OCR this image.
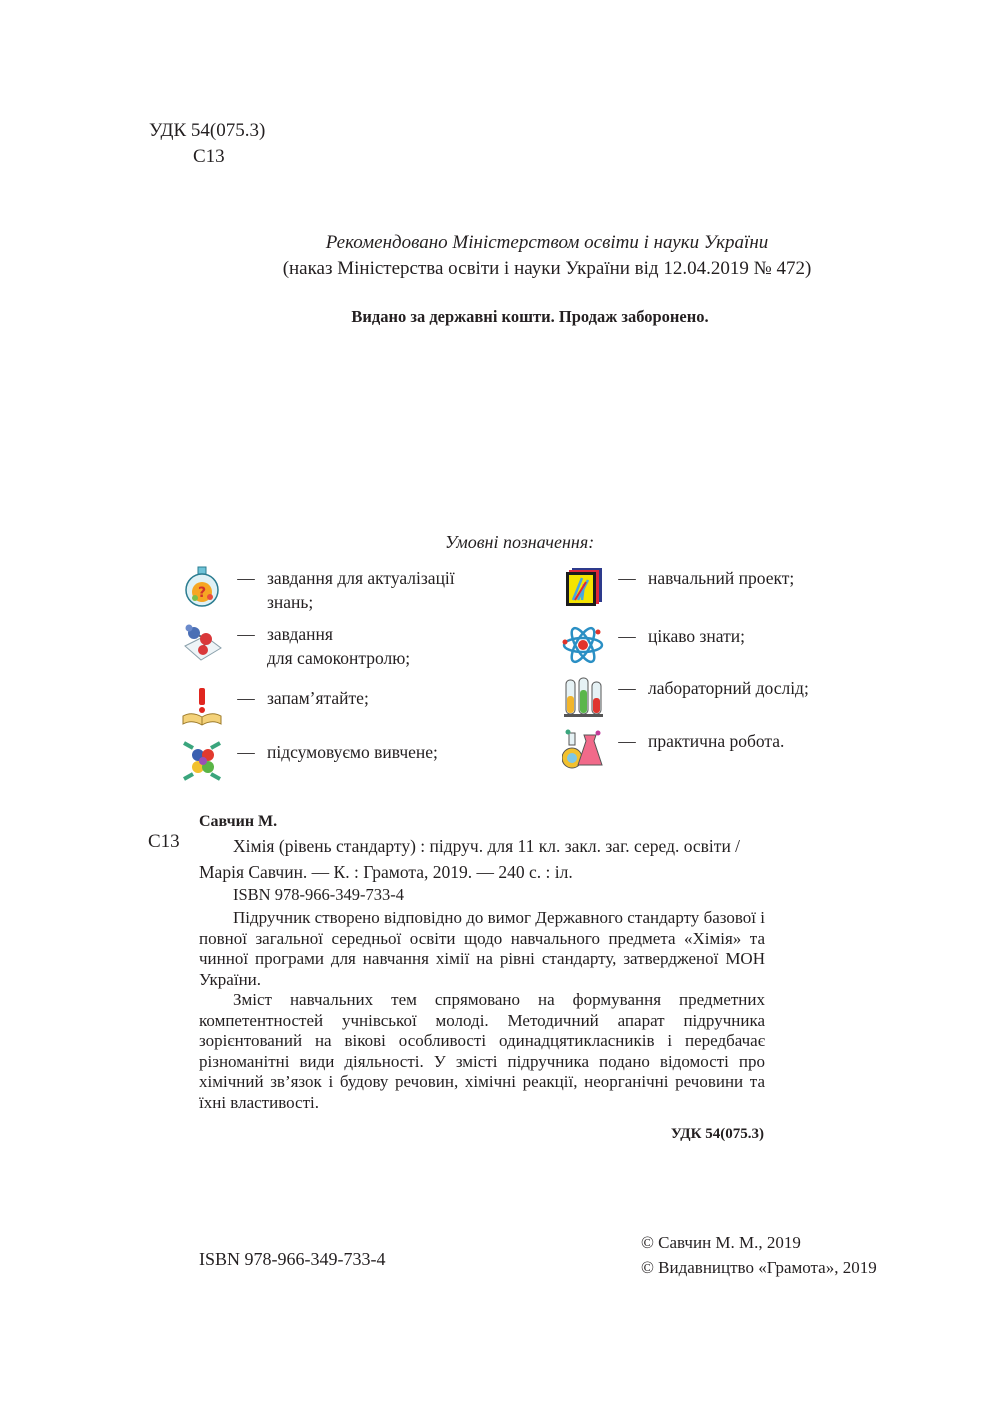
УДК 54(075.3)
С13
Рекомендовано Міністерством освіти і науки України
(наказ Міністерства освіти і науки України від 12.04.2019 № 472)
Видано за державні кошти. Продаж заборонено.
Умовні позначення:
?
— завдання для актуалізації
знань;
— завдання
для самоконтролю;
— запам’ятайте;
— підсумовуємо вивчене;
— навчальний проект;
— цікаво знати;
— лабораторний дослід;
— практична робота.
С13
Савчин М.
Хімія (рівень стандарту) : підруч. для 11 кл. закл. заг. серед. освіти / Марія Савчин. — К. : Грамота, 2019. — 240 с. : іл.
ISBN 978-966-349-733-4

Підручник створено відповідно до вимог Державного стандарту базової і повної загальної середньої освіти щодо навчального предмета «Хімія» та чинної програми для навчання хімії на рівні стандарту, затвердженої МОН України.

Зміст навчальних тем спрямовано на формування предметних компетентностей учнівської молоді. Методичний апарат підручника зорієнтований на вікові особливості одинадцятикласників і передбачає різноманітні види діяльності. У змісті підручника подано відомості про хімічний зв’язок і будову речовин, хімічні реакції, неорганічні речовини та їхні властивості.

УДК 54(075.3)
ISBN 978-966-349-733-4
© Савчин М. М., 2019
© Видавництво «Грамота», 2019
